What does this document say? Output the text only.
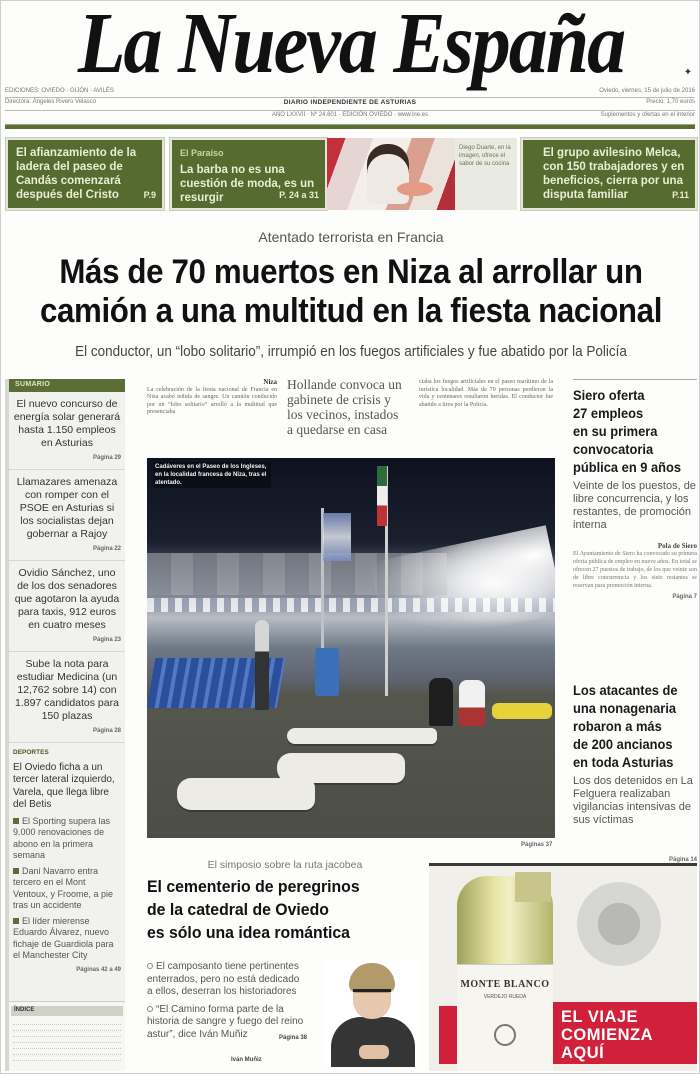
La Nueva España	✦
EDICIONES: OVIEDO · GIJÓN · AVILÉS	Oviedo, viernes, 15 de julio de 2016
Directora: Ángeles Rivero Velasco	DIARIO INDEPENDIENTE DE ASTURIAS	Precio: 1,70 euros
AÑO LXXVII · Nº 24.601 · EDICIÓN OVIEDO · www.lne.es	Suplementos y ofertas en el interior
El afianzamiento de la ladera del paseo de Candás comenzará después del Cristo	P.9
El Paraíso
La barba no es una cuestión de moda, es un resurgir	P. 24 a 31
Diego Duarte, en la imagen, ofrece el sabor de su cocina
El grupo avilesino Melca, con 150 trabajadores y en beneficios, cierra por una disputa familiar	P.11
Atentado terrorista en Francia
Más de 70 muertos en Niza al arrollar un
camión a una multitud en la fiesta nacional
El conductor, un “lobo solitario”, irrumpió en los fuegos artificiales y fue abatido por la Policía
SUMARIO
El nuevo concurso de energía solar generará hasta 1.150 empleos en Asturias
Página 29
Llamazares amenaza con romper con el PSOE en Asturias si los socialistas dejan gobernar a Rajoy
Página 22
Ovidio Sánchez, uno de los dos senadores que agotaron la ayuda para taxis, 912 euros en cuatro meses
Página 23
Sube la nota para estudiar Medicina (un 12,762 sobre 14) con 1.897 candidatos para 150 plazas
Página 28
DEPORTES
El Oviedo ficha a un tercer lateral izquierdo, Varela, que llega libre del Betis
El Sporting supera las 9.000 renovaciones de abono en la primera semana
Dani Navarro entra tercero en el Mont Ventoux, y Froome, a pie tras un accidente
El líder mierense Eduardo Álvarez, nuevo fichaje de Guardiola para el Manchester City
Páginas 42 a 49
ÍNDICE
Niza
La celebración de la fiesta nacional de Francia en Niza acabó teñida de sangre. Un camión conducido por un “lobo solitario” arrolló a la multitud que presenciaba
Hollande convoca un gabinete de crisis y los vecinos, instados a quedarse en casa
ciaba los fuegos artificiales en el paseo marítimo de la turística localidad. Más de 70 personas perdieron la vida y centenares resultaron heridas. El conductor fue abatido a tiros por la Policía.
Cadáveres en el Paseo de los Ingleses, en la localidad francesa de Niza, tras el atentado.
Páginas 37
Siero oferta
27 empleos
en su primera
convocatoria
pública en 9 años
Veinte de los puestos, de libre concurrencia, y los restantes, de promoción interna
Pola de Siero
El Ayuntamiento de Siero ha convocado su primera oferta pública de empleo en nueve años. En total se ofrecen 27 puestos de trabajo, de los que veinte son de libre concurrencia y los siete restantes se reservan para promoción interna.
Página 7
Los atacantes de
una nonagenaria
robaron a más
de 200 ancianos
en toda Asturias
Los dos detenidos en La Felguera realizaban vigilancias intensivas de sus víctimas
Página 14
El simposio sobre la ruta jacobea
El cementerio de peregrinos
de la catedral de Oviedo
es sólo una idea romántica

El camposanto tiene pertinentes enterrados, pero no está dedicado a ellos, deserran los historiadores

“El Camino forma parte de la historia de sangre y fuego del reino astur”, dice Iván Muñiz	Página 38

Iván Muñiz
MONTE BLANCO
VERDEJO RUEDA
EL VIAJE
COMIENZA
AQUÍ
